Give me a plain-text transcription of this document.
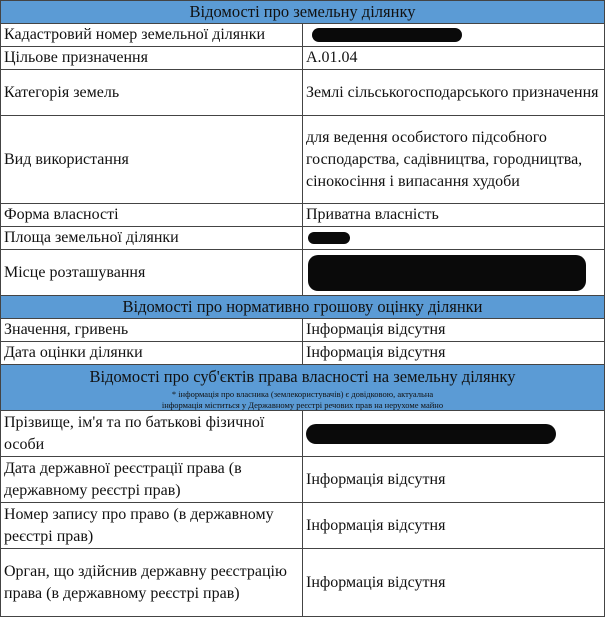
Відомості про земельну ділянку	
Кадастровий номер земельної ділянки	
Цільове призначення	А.01.04
Категорія земель	Землі сільськогосподарського призначення
Вид використання	для ведення особистого підсобного господарства, садівництва, городництва, сінокосіння і випасання худоби
Форма власності	Приватна власність
Площа земельної ділянки	
Місце розташування	
Відомості про нормативно грошову оцінку ділянки	
Значення, гривень	Інформація відсутня
Дата оцінки ділянки	Інформація відсутня
Відомості про суб'єктів права власності на земельну ділянку
* інформація про власника (землекористувачів) є довідковою, актуальна
інформація міститься у Державному реєстрі речових прав на нерухоме майно	

Прізвище, ім'я та по батькові фізичної особи	
Дата державної реєстрації права (в державному реєстрі прав)	Інформація відсутня
Номер запису про право (в державному реєстрі прав)	Інформація відсутня
Орган, що здійснив державну реєстрацію права (в державному реєстрі прав)	Інформація відсутня
